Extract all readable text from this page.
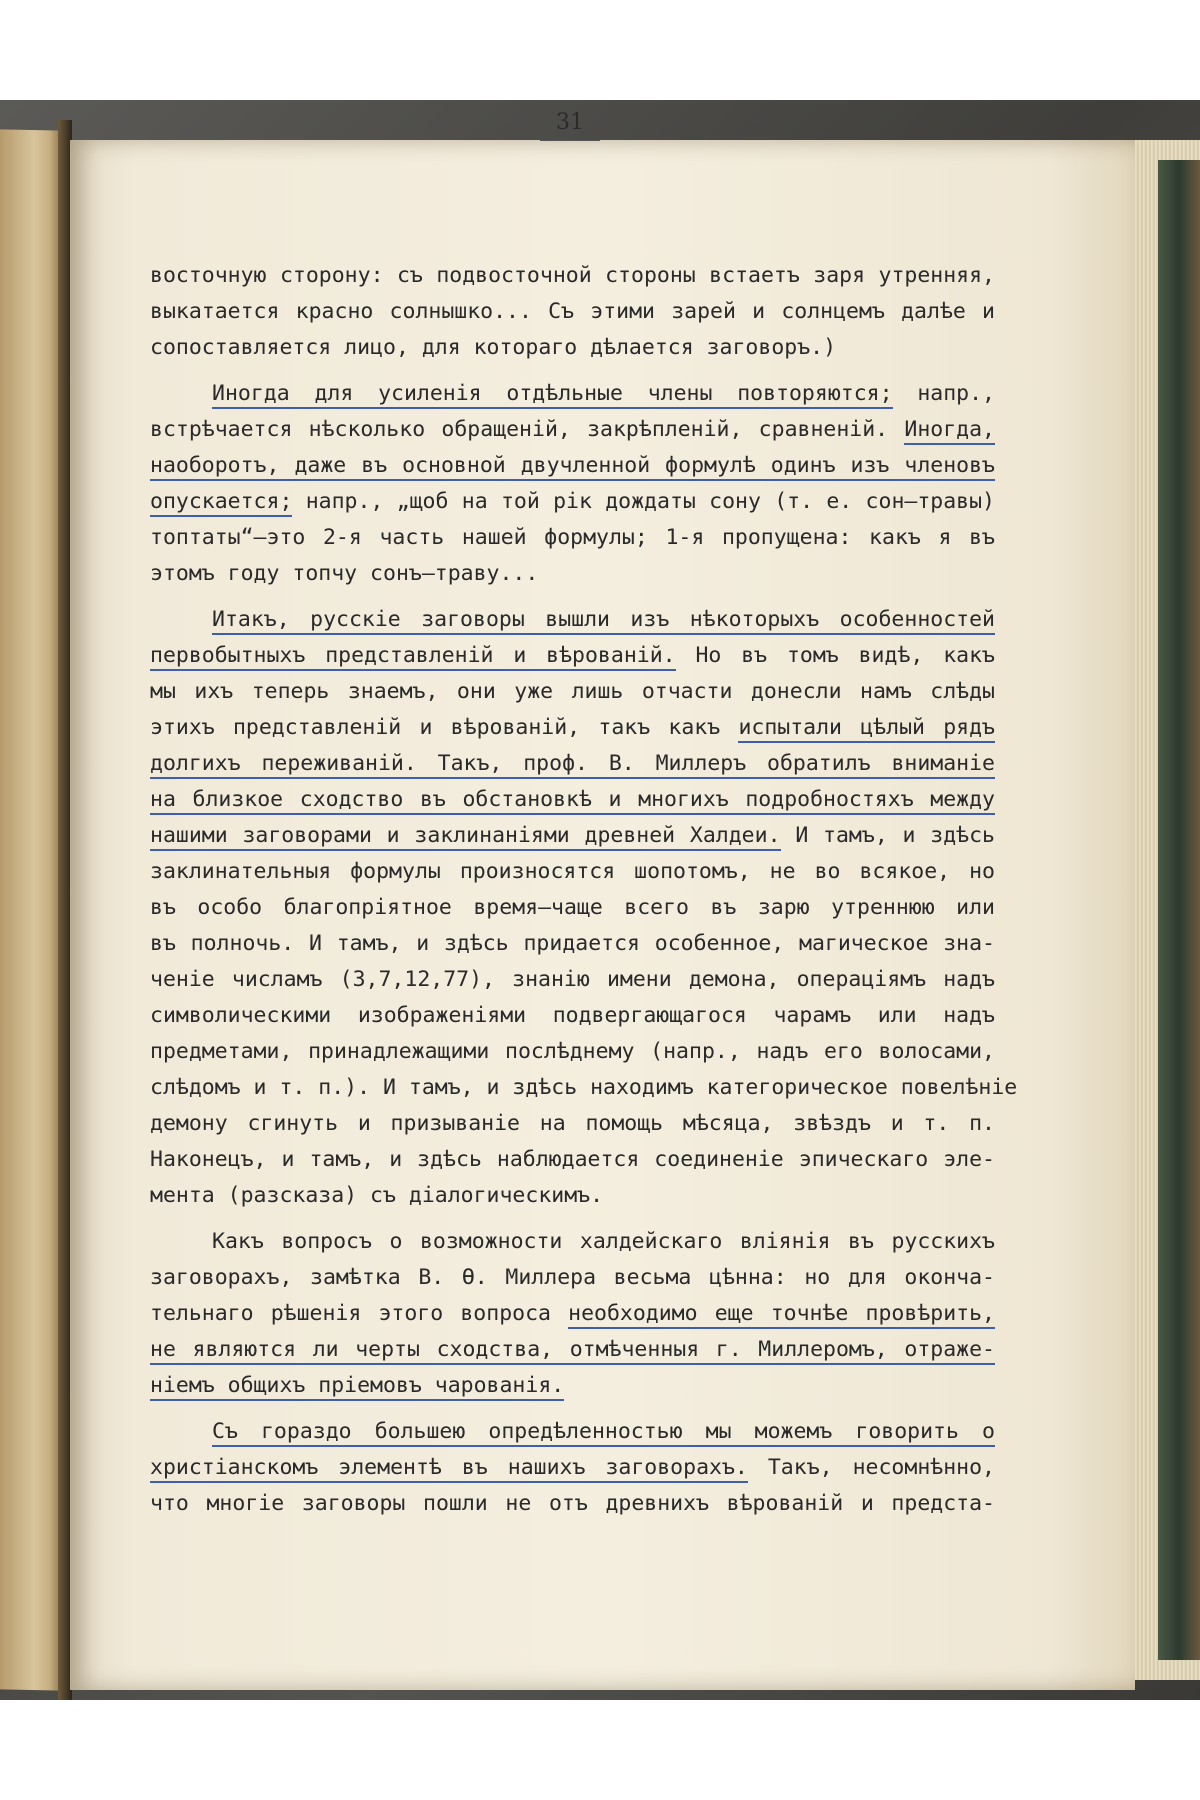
31
восточную сторону: съ подвосточной стороны встаетъ заря утренняя,
выкатается красно солнышко... Съ этими зарей и солнцемъ далѣе и
сопоставляется лицо, для котораго дѣлается заговоръ.)
Иногда для усиленія отдѣльные члены повторяются; напр.,
встрѣчается нѣсколько обращеній, закрѣпленій, сравненій. Иногда,
наоборотъ, даже въ основной двучленной формулѣ одинъ изъ членовъ
опускается; напр., „щоб на той рік дождаты сону (т. е. сон—травы)
топтаты“—это 2-я часть нашей формулы; 1-я пропущена: какъ я въ
этомъ году топчу сонъ—траву...
Итакъ, русскіе заговоры вышли изъ нѣкоторыхъ особенностей
первобытныхъ представленій и вѣрованій. Но въ томъ видѣ, какъ
мы ихъ теперь знаемъ, они уже лишь отчасти донесли намъ слѣды
этихъ представленій и вѣрованій, такъ какъ испытали цѣлый рядъ
долгихъ переживаній. Такъ, проф. В. Миллеръ обратилъ вниманіе
на близкое сходство въ обстановкѣ и многихъ подробностяхъ между
нашими заговорами и заклинаніями древней Халдеи. И тамъ, и здѣсь
заклинательныя формулы произносятся шопотомъ, не во всякое, но
въ особо благопріятное время—чаще всего въ зарю утреннюю или
въ полночь. И тамъ, и здѣсь придается особенное, магическое зна-
ченіе числамъ (3,7,12,77), знанію имени демона, операціямъ надъ
символическими изображеніями подвергающагося чарамъ или надъ
предметами, принадлежащими послѣднему (напр., надъ его волосами,
слѣдомъ и т. п.). И тамъ, и здѣсь находимъ категорическое повелѣніе
демону сгинуть и призываніе на помощь мѣсяца, звѣздъ и т. п.
Наконецъ, и тамъ, и здѣсь наблюдается соединеніе эпическаго эле-
мента (разсказа) съ діалогическимъ.
Какъ вопросъ о возможности халдейскаго вліянія въ русскихъ
заговорахъ, замѣтка В. Ѳ. Миллера весьма цѣнна: но для оконча-
тельнаго рѣшенія этого вопроса необходимо еще точнѣе провѣрить,
не являются ли черты сходства, отмѣченныя г. Миллеромъ, отраже-
ніемъ общихъ пріемовъ чарованія.
Съ гораздо большею опредѣленностью мы можемъ говорить о
христіанскомъ элементѣ въ нашихъ заговорахъ. Такъ, несомнѣнно,
что многіе заговоры пошли не отъ древнихъ вѣрованій и предста-
